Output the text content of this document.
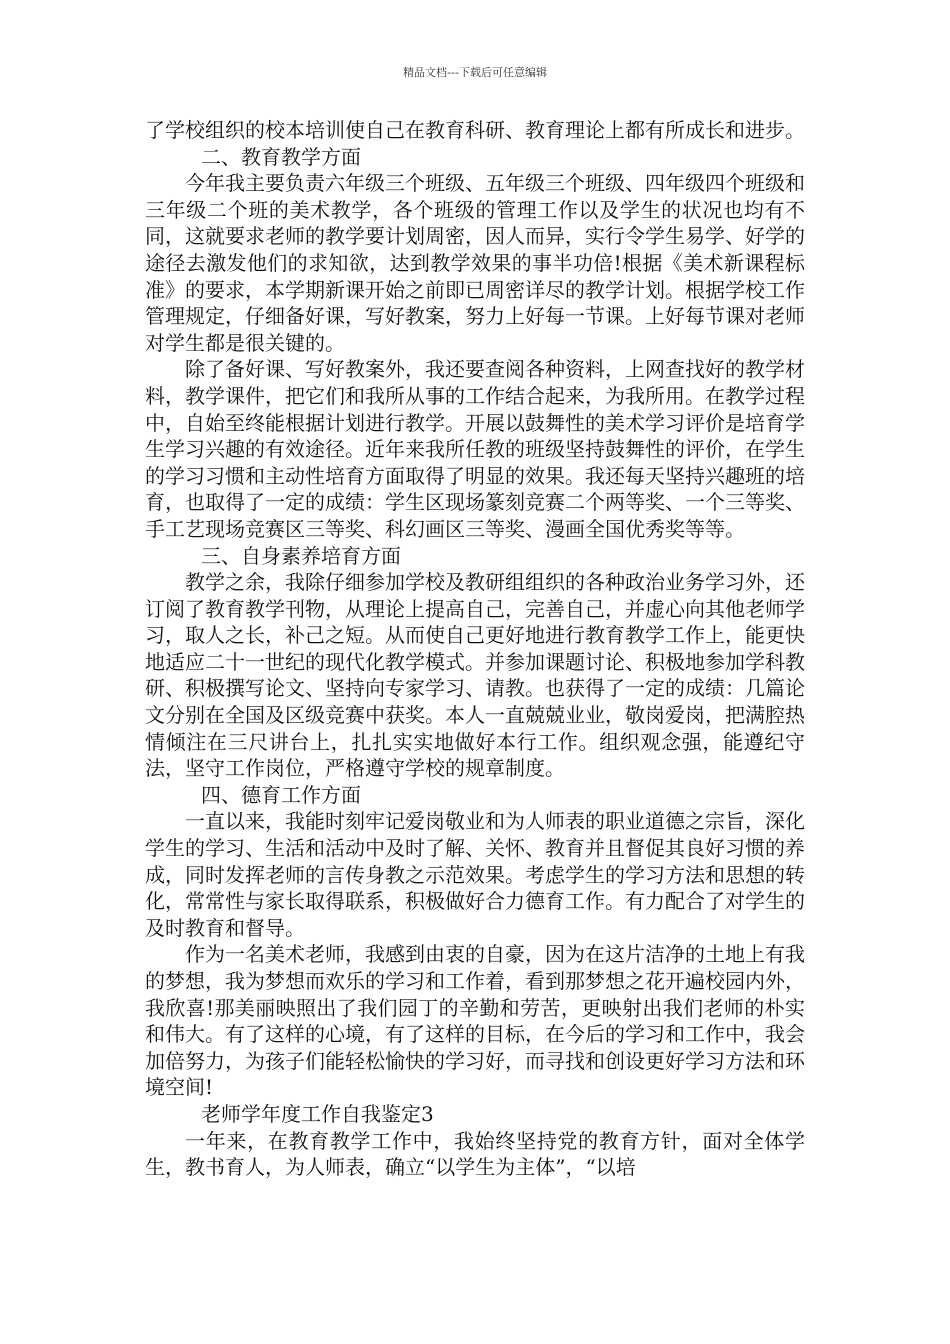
精品文档---下载后可任意编辑

了学校组织的校本培训使自己在教育科研、教育理论上都有所成长和进步。

二、教育教学方面

今年我主要负责六年级三个班级、五年级三个班级、四年级四个班级和三年级二个班的美术教学，各个班级的管理工作以及学生的状况也均有不同，这就要求老师的教学要计划周密，因人而异，实行令学生易学、好学的途径去激发他们的求知欲，达到教学效果的事半功倍!根据《美术新课程标准》的要求，本学期新课开始之前即已周密详尽的教学计划。根据学校工作管理规定，仔细备好课，写好教案，努力上好每一节课。上好每节课对老师对学生都是很关键的。

除了备好课、写好教案外，我还要查阅各种资料，上网查找好的教学材料，教学课件，把它们和我所从事的工作结合起来，为我所用。在教学过程中，自始至终能根据计划进行教学。开展以鼓舞性的美术学习评价是培育学生学习兴趣的有效途径。近年来我所任教的班级坚持鼓舞性的评价，在学生的学习习惯和主动性培育方面取得了明显的效果。我还每天坚持兴趣班的培育，也取得了一定的成绩：学生区现场篆刻竞赛二个两等奖、一个三等奖、手工艺现场竞赛区三等奖、科幻画区三等奖、漫画全国优秀奖等等。

三、自身素养培育方面

教学之余，我除仔细参加学校及教研组组织的各种政治业务学习外，还订阅了教育教学刊物，从理论上提高自己，完善自己，并虚心向其他老师学习，取人之长，补己之短。从而使自己更好地进行教育教学工作上，能更快地适应二十一世纪的现代化教学模式。并参加课题讨论、积极地参加学科教研、积极撰写论文、坚持向专家学习、请教。也获得了一定的成绩：几篇论文分别在全国及区级竞赛中获奖。本人一直兢兢业业，敬岗爱岗，把满腔热情倾注在三尺讲台上，扎扎实实地做好本行工作。组织观念强，能遵纪守法，坚守工作岗位，严格遵守学校的规章制度。

四、德育工作方面

一直以来，我能时刻牢记爱岗敬业和为人师表的职业道德之宗旨，深化学生的学习、生活和活动中及时了解、关怀、教育并且督促其良好习惯的养成，同时发挥老师的言传身教之示范效果。考虑学生的学习方法和思想的转化，常常性与家长取得联系，积极做好合力德育工作。有力配合了对学生的及时教育和督导。

作为一名美术老师，我感到由衷的自豪，因为在这片洁净的土地上有我的梦想，我为梦想而欢乐的学习和工作着，看到那梦想之花开遍校园内外，我欣喜!那美丽映照出了我们园丁的辛勤和劳苦，更映射出我们老师的朴实和伟大。有了这样的心境，有了这样的目标，在今后的学习和工作中，我会加倍努力，为孩子们能轻松愉快的学习好，而寻找和创设更好学习方法和环境空间!

老师学年度工作自我鉴定3

一年来，在教育教学工作中，我始终坚持党的教育方针，面对全体学生，教书育人，为人师表，确立“以学生为主体”，“以培
